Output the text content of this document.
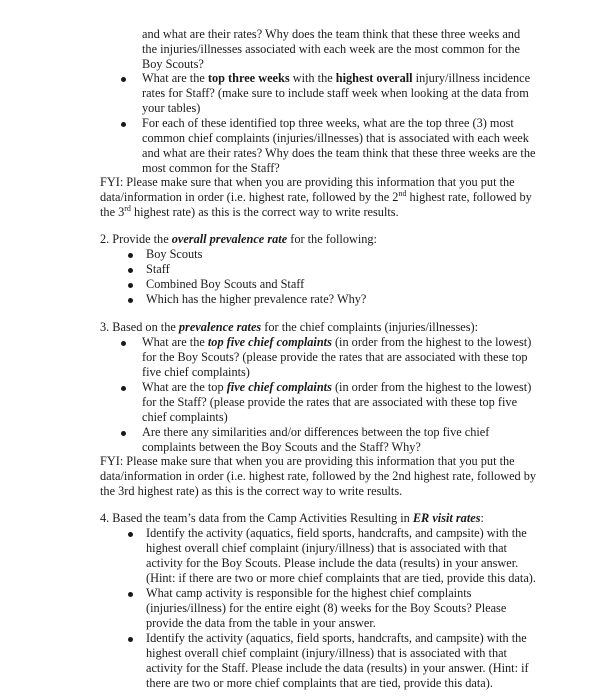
and what are their rates? Why does the team think that these three weeks and
the injuries/illnesses associated with each week are the most common for the
Boy Scouts?
What are the top three weeks with the highest overall injury/illness incidence
rates for Staff? (make sure to include staff week when looking at the data from
your tables)
For each of these identified top three weeks, what are the top three (3) most
common chief complaints (injuries/illnesses) that is associated with each week
and what are their rates? Why does the team think that these three weeks are the
most common for the Staff?
FYI: Please make sure that when you are providing this information that you put the
data/information in order (i.e. highest rate, followed by the 2nd highest rate, followed by
the 3rd highest rate) as this is the correct way to write results.
2. Provide the overall prevalence rate for the following:
Boy Scouts
Staff
Combined Boy Scouts and Staff
Which has the higher prevalence rate? Why?
3. Based on the prevalence rates for the chief complaints (injuries/illnesses):
What are the top five chief complaints (in order from the highest to the lowest)
for the Boy Scouts? (please provide the rates that are associated with these top
five chief complaints)
What are the top five chief complaints (in order from the highest to the lowest)
for the Staff? (please provide the rates that are associated with these top five
chief complaints)
Are there any similarities and/or differences between the top five chief
complaints between the Boy Scouts and the Staff? Why?
FYI: Please make sure that when you are providing this information that you put the
data/information in order (i.e. highest rate, followed by the 2nd highest rate, followed by
the 3rd highest rate) as this is the correct way to write results.
4. Based the team’s data from the Camp Activities Resulting in ER visit rates:
Identify the activity (aquatics, field sports, handcrafts, and campsite) with the
highest overall chief complaint (injury/illness) that is associated with that
activity for the Boy Scouts. Please include the data (results) in your answer.
(Hint: if there are two or more chief complaints that are tied, provide this data).
What camp activity is responsible for the highest chief complaints
(injuries/illness) for the entire eight (8) weeks for the Boy Scouts? Please
provide the data from the table in your answer.
Identify the activity (aquatics, field sports, handcrafts, and campsite) with the
highest overall chief complaint (injury/illness) that is associated with that
activity for the Staff. Please include the data (results) in your answer. (Hint: if
there are two or more chief complaints that are tied, provide this data).
